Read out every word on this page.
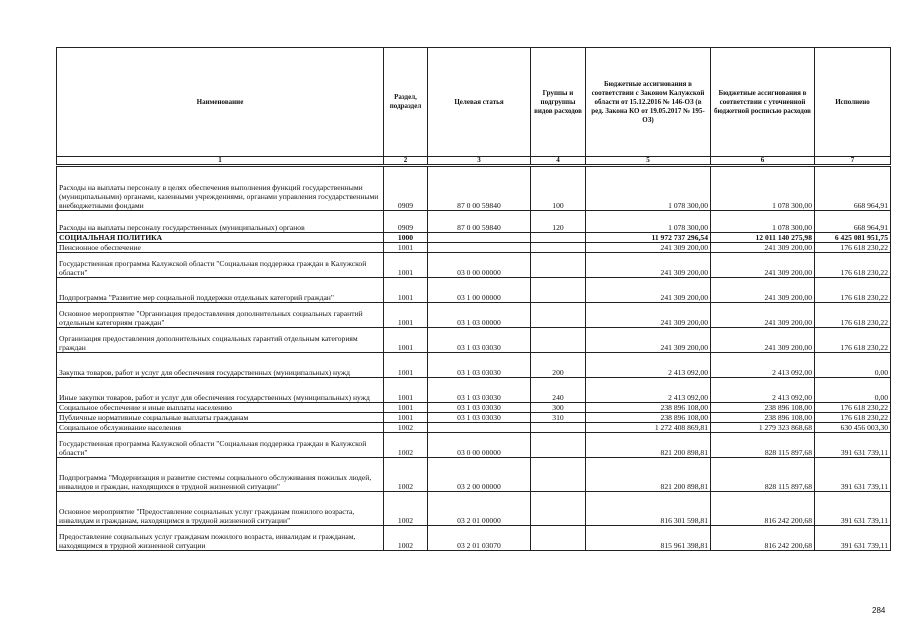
Наименование	Раздел, подраздел	Целевая статья	Группы и подгруппы видов расходов	Бюджетные ассигнования в соответствии с Законом Калужской области от 15.12.2016 № 146-ОЗ (в ред. Закона КО от 19.05.2017 № 195-ОЗ)	Бюджетные ассигнования в соответствии с уточненной бюджетной росписью расходов	Исполнено
1	2	3	4	5	6	7
Расходы на выплаты персоналу в целях обеспечения выполнения функций государственными (муниципальными) органами, казенными учреждениями, органами управления государственными внебюджетными фондами	0909	87 0 00 59840	100	1 078 300,00	1 078 300,00	668 964,91
Расходы на выплаты персоналу государственных (муниципальных) органов	0909	87 0 00 59840	120	1 078 300,00	1 078 300,00	668 964,91
СОЦИАЛЬНАЯ ПОЛИТИКА	1000			11 972 737 296,54	12 011 140 275,98	6 425 081 951,75
Пенсионное обеспечение	1001			241 309 200,00	241 309 200,00	176 618 230,22
Государственная программа Калужской области "Социальная поддержка граждан в Калужской области"	1001	03 0 00 00000		241 309 200,00	241 309 200,00	176 618 230,22
Подпрограмма "Развитие мер социальной поддержки отдельных категорий граждан"	1001	03 1 00 00000		241 309 200,00	241 309 200,00	176 618 230,22
Основное мероприятие "Организация предоставления дополнительных социальных гарантий отдельным категориям граждан"	1001	03 1 03 00000		241 309 200,00	241 309 200,00	176 618 230,22
Организация предоставления дополнительных социальных гарантий отдельным категориям граждан	1001	03 1 03 03030		241 309 200,00	241 309 200,00	176 618 230,22
Закупка товаров, работ и услуг для обеспечения государственных (муниципальных) нужд	1001	03 1 03 03030	200	2 413 092,00	2 413 092,00	0,00
Иные закупки товаров, работ и услуг для обеспечения государственных (муниципальных) нужд	1001	03 1 03 03030	240	2 413 092,00	2 413 092,00	0,00
Социальное обеспечение и иные выплаты населению	1001	03 1 03 03030	300	238 896 108,00	238 896 108,00	176 618 230,22
Публичные нормативные социальные выплаты гражданам	1001	03 1 03 03030	310	238 896 108,00	238 896 108,00	176 618 230,22
Социальное обслуживание населения	1002			1 272 408 869,81	1 279 323 868,68	630 456 003,30
Государственная программа Калужской области "Социальная поддержка граждан в Калужской области"	1002	03 0 00 00000		821 200 898,81	828 115 897,68	391 631 739,11
Подпрограмма "Модернизация и развитие системы социального обслуживания пожилых людей, инвалидов и граждан, находящихся в трудной жизненной ситуации"	1002	03 2 00 00000		821 200 898,81	828 115 897,68	391 631 739,11
Основное мероприятие "Предоставление социальных услуг гражданам пожилого возраста, инвалидам и гражданам, находящимся в трудной жизненной ситуации"	1002	03 2 01 00000		816 301 598,81	816 242 200,68	391 631 739,11
Предоставление социальных услуг гражданам пожилого возраста, инвалидам и гражданам, находящимся в трудной жизненной ситуации	1002	03 2 01 03070		815 961 398,81	816 242 200,68	391 631 739,11
284
